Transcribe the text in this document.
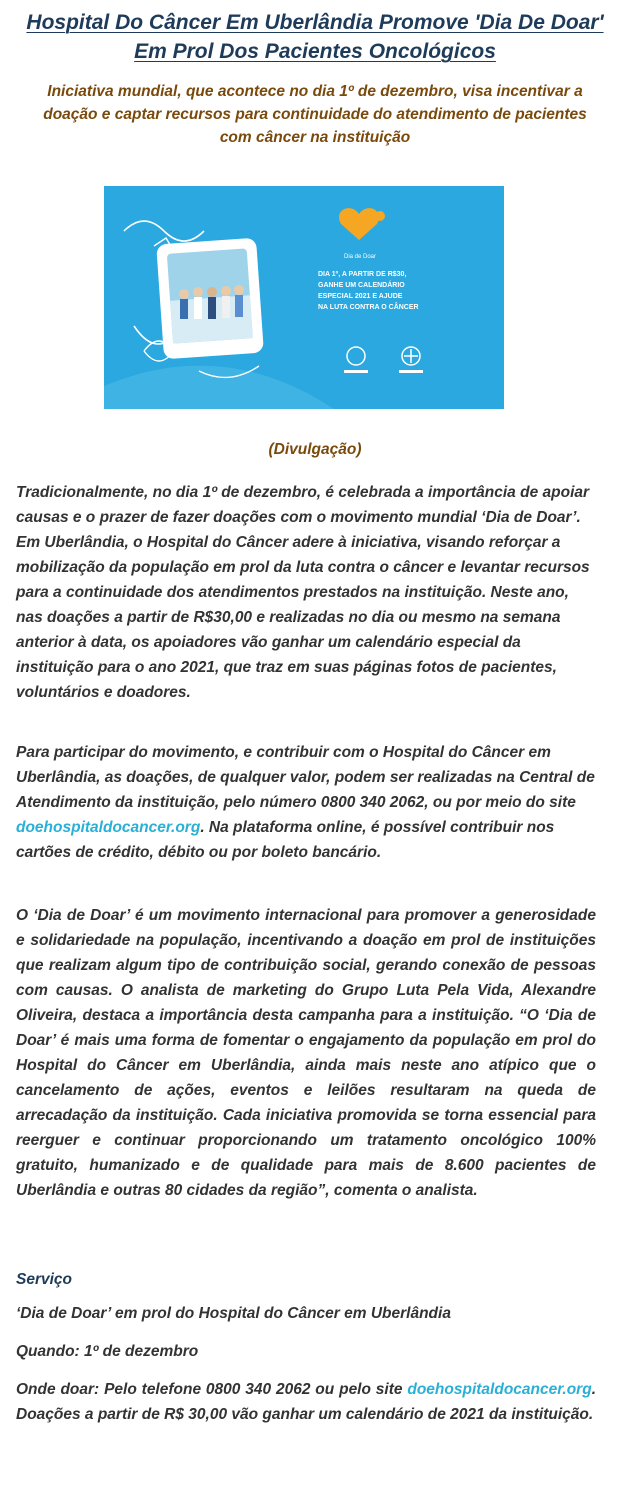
Hospital Do Câncer Em Uberlândia Promove 'Dia De Doar' Em Prol Dos Pacientes Oncológicos

Iniciativa mundial, que acontece no dia 1º de dezembro, visa incentivar a doação e captar recursos para continuidade do atendimento de pacientes com câncer na instituição

Dia de Doar
DIA 1º, A PARTIR DE R$30,
GANHE UM CALENDÁRIO
ESPECIAL 2021 E AJUDE
NA LUTA CONTRA O CÂNCER

(Divulgação)

Tradicionalmente, no dia 1º de dezembro, é celebrada a importância de apoiar causas e o prazer de fazer doações com o movimento mundial ‘Dia de Doar’. Em Uberlândia, o Hospital do Câncer adere à iniciativa, visando reforçar a mobilização da população em prol da luta contra o câncer e levantar recursos para a continuidade dos atendimentos prestados na instituição. Neste ano, nas doações a partir de R$30,00 e realizadas no dia ou mesmo na semana anterior à data, os apoiadores vão ganhar um calendário especial da instituição para o ano 2021, que traz em suas páginas fotos de pacientes, voluntários e doadores.

Para participar do movimento, e contribuir com o Hospital do Câncer em Uberlândia, as doações, de qualquer valor, podem ser realizadas na Central de Atendimento da instituição, pelo número 0800 340 2062, ou por meio do site doehospitaldocancer.org. Na plataforma online, é possível contribuir nos cartões de crédito, débito ou por boleto bancário.

O ‘Dia de Doar’ é um movimento internacional para promover a generosidade e solidariedade na população, incentivando a doação em prol de instituições que realizam algum tipo de contribuição social, gerando conexão de pessoas com causas. O analista de marketing do Grupo Luta Pela Vida, Alexandre Oliveira, destaca a importância desta campanha para a instituição. “O ‘Dia de Doar’ é mais uma forma de fomentar o engajamento da população em prol do Hospital do Câncer em Uberlândia, ainda mais neste ano atípico que o cancelamento de ações, eventos e leilões resultaram na queda de arrecadação da instituição. Cada iniciativa promovida se torna essencial para reerguer e continuar proporcionando um tratamento oncológico 100% gratuito, humanizado e de qualidade para mais de 8.600 pacientes de Uberlândia e outras 80 cidades da região”, comenta o analista.

Serviço

‘Dia de Doar’ em prol do Hospital do Câncer em Uberlândia

Quando: 1º de dezembro

Onde doar: Pelo telefone 0800 340 2062 ou pelo site doehospitaldocancer.org. Doações a partir de R$ 30,00 vão ganhar um calendário de 2021 da instituição.
